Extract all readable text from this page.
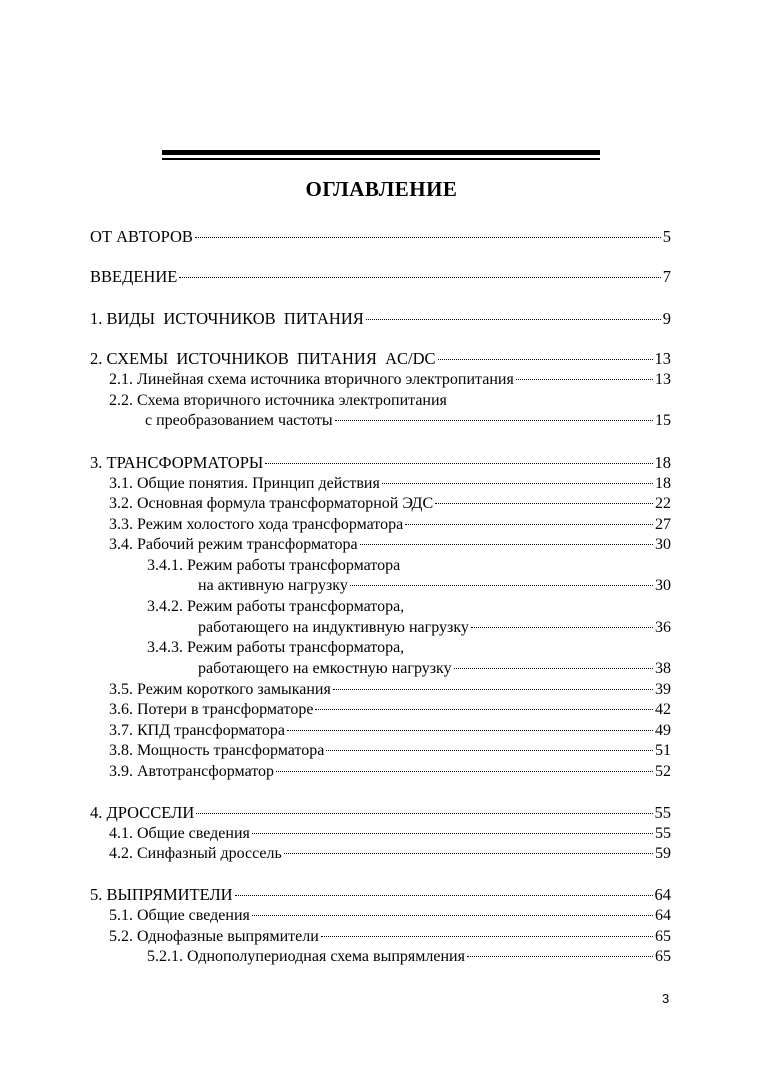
ОГЛАВЛЕНИЕ
ОТ АВТОРОВ	5
ВВЕДЕНИЕ	7
1. ВИДЫ  ИСТОЧНИКОВ  ПИТАНИЯ	9
2. СХЕМЫ  ИСТОЧНИКОВ  ПИТАНИЯ  AC/DC	13
2.1. Линейная схема источника вторичного электропитания	13
2.2. Схема вторичного источника электропитания
с преобразованием частоты	15
3. ТРАНСФОРМАТОРЫ	18
3.1. Общие понятия. Принцип действия	18
3.2. Основная формула трансформаторной ЭДС	22
3.3. Режим холостого хода трансформатора	27
3.4. Рабочий режим трансформатора	30
3.4.1. Режим работы трансформатора
на активную нагрузку	30
3.4.2. Режим работы трансформатора,
работающего на индуктивную нагрузку	36
3.4.3. Режим работы трансформатора,
работающего на емкостную нагрузку	38
3.5. Режим короткого замыкания	39
3.6. Потери в трансформаторе	42
3.7. КПД трансформатора	49
3.8. Мощность трансформатора	51
3.9. Автотрансформатор	52
4. ДРОССЕЛИ	55
4.1. Общие сведения	55
4.2. Синфазный дроссель	59
5. ВЫПРЯМИТЕЛИ	64
5.1. Общие сведения	64
5.2. Однофазные выпрямители	65
5.2.1. Однополупериодная схема выпрямления	65
3
